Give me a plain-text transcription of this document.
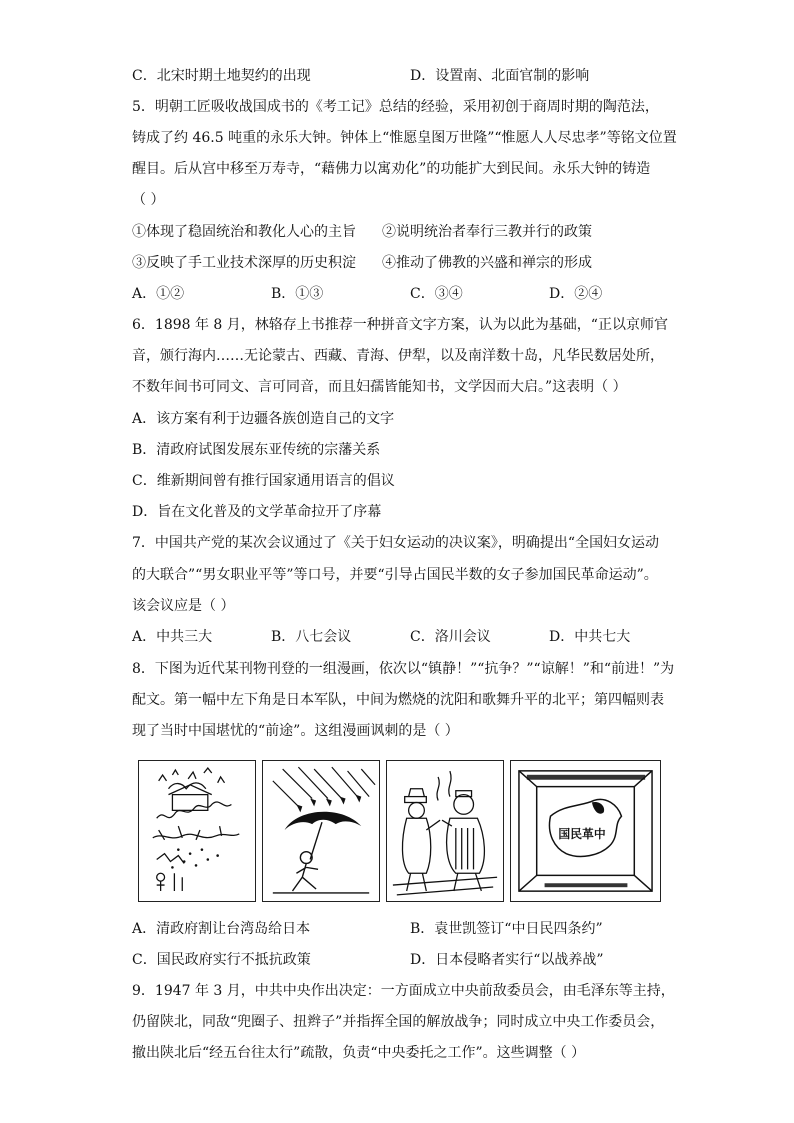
C．北宋时期土地契约的出现	D．设置南、北面官制的影响
5．明朝工匠吸收战国成书的《考工记》总结的经验，采用初创于商周时期的陶范法，
铸成了约 46.5 吨重的永乐大钟。钟体上“惟愿皇图万世隆”“惟愿人人尽忠孝”等铭文位置
醒目。后从宫中移至万寿寺，“藉佛力以寓劝化”的功能扩大到民间。永乐大钟的铸造
（ ）
①体现了稳固统治和教化人心的主旨 ②说明统治者奉行三教并行的政策
③反映了手工业技术深厚的历史积淀 ④推动了佛教的兴盛和禅宗的形成
A．①②	B．①③	C．③④	D．②④
6．1898 年 8 月，林辂存上书推荐一种拼音文字方案，认为以此为基础，“正以京师官
音，颁行海内……无论蒙古、西藏、青海、伊犁，以及南洋数十岛，凡华民数居处所，
不数年间书可同文、言可同音，而且妇孺皆能知书，文学因而大启。”这表明（ ）
A．该方案有利于边疆各族创造自己的文字
B．清政府试图发展东亚传统的宗藩关系
C．维新期间曾有推行国家通用语言的倡议
D．旨在文化普及的文学革命拉开了序幕
7．中国共产党的某次会议通过了《关于妇女运动的决议案》，明确提出“全国妇女运动
的大联合”“男女职业平等”等口号，并要“引导占国民半数的女子参加国民革命运动”。
该会议应是（ ）
A．中共三大	B．八七会议	C．洛川会议	D．中共七大
8．下图为近代某刊物刊登的一组漫画，依次以“镇静！”“抗争？”“谅解！”和“前进！”为
配文。第一幅中左下角是日本军队，中间为燃烧的沈阳和歌舞升平的北平；第四幅则表
现了当时中国堪忧的“前途”。这组漫画讽刺的是（ ）
国民革中
A．清政府割让台湾岛给日本	B．袁世凯签订“中日民四条约”
C．国民政府实行不抵抗政策	D．日本侵略者实行“以战养战”
9．1947 年 3 月，中共中央作出决定：一方面成立中央前敌委员会，由毛泽东等主持，
仍留陕北，同敌“兜圈子、扭辫子”并指挥全国的解放战争；同时成立中央工作委员会，
撤出陕北后“经五台往太行”疏散，负责“中央委托之工作”。这些调整（ ）
